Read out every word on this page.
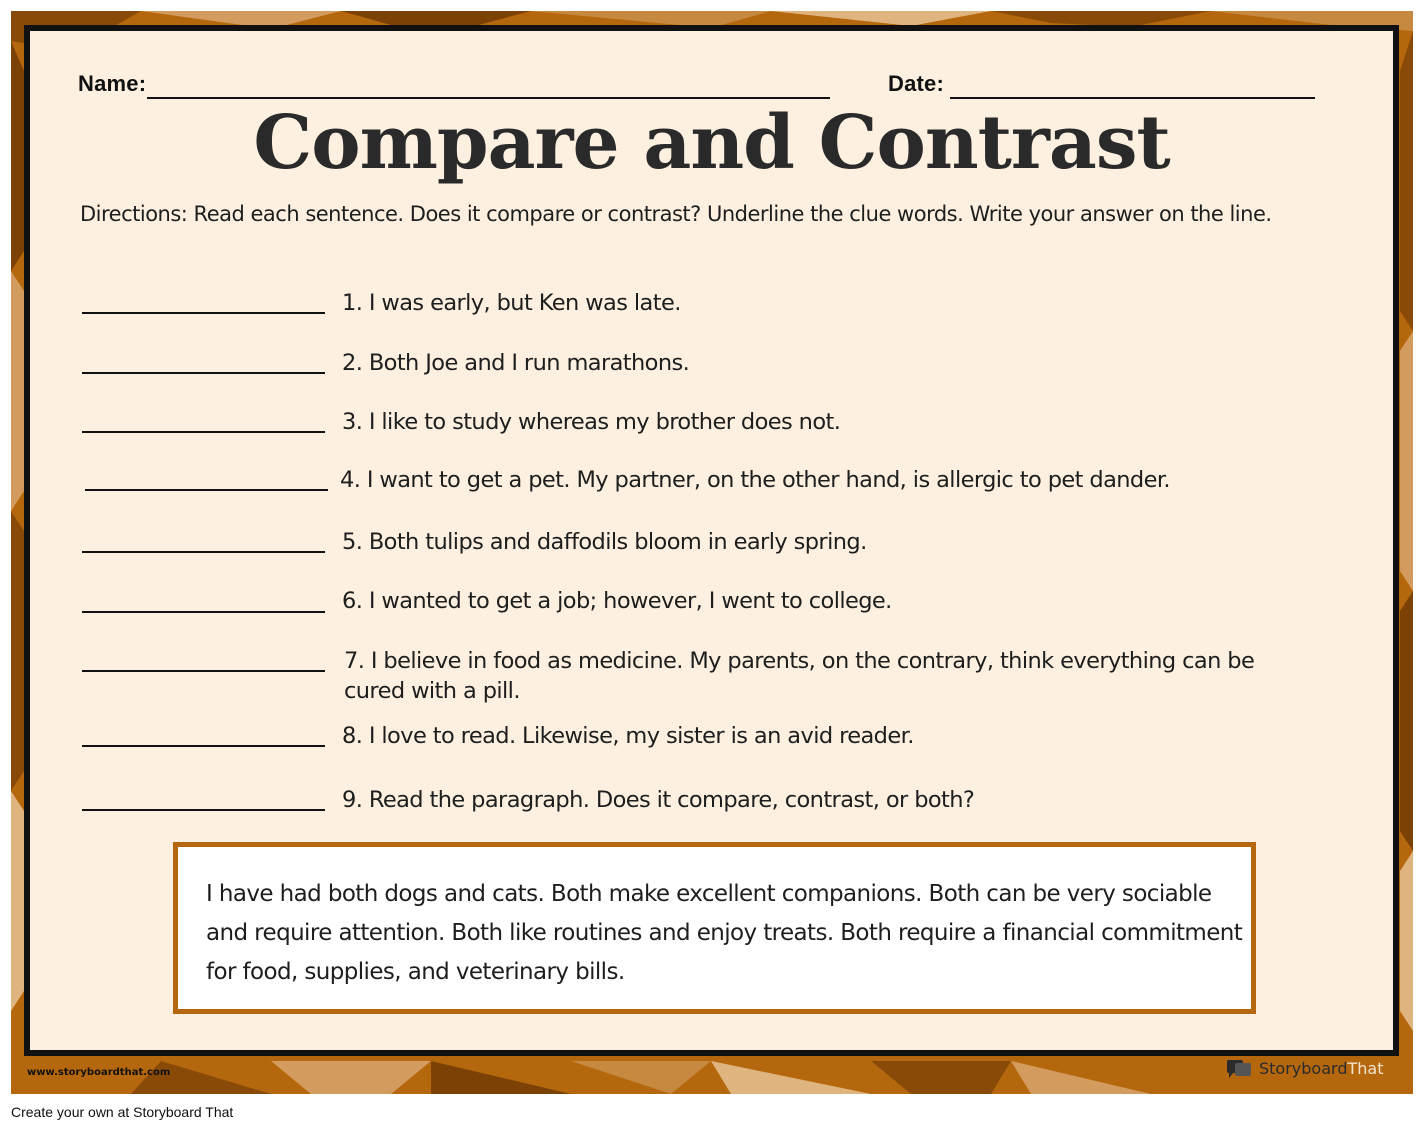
Name:	Date:
Compare and Contrast
Directions: Read each sentence. Does it compare or contrast? Underline the clue words. Write your answer on the line.
1. I was early, but Ken was late.
2. Both Joe and I run marathons.
3. I like to study whereas my brother does not.
4. I want to get a pet. My partner, on the other hand, is allergic to pet dander.
5. Both tulips and daffodils bloom in early spring.
6. I wanted to get a job; however, I went to college.
7. I believe in food as medicine. My parents, on the contrary, think everything can be cured with a pill.
8. I love to read. Likewise, my sister is an avid reader.
9. Read the paragraph. Does it compare, contrast, or both?
I have had both dogs and cats. Both make excellent companions. Both can be very sociable and require attention. Both like routines and enjoy treats. Both require a financial commitment for food, supplies, and veterinary bills.
www.storyboardthat.com	StoryboardThat
Create your own at Storyboard That
